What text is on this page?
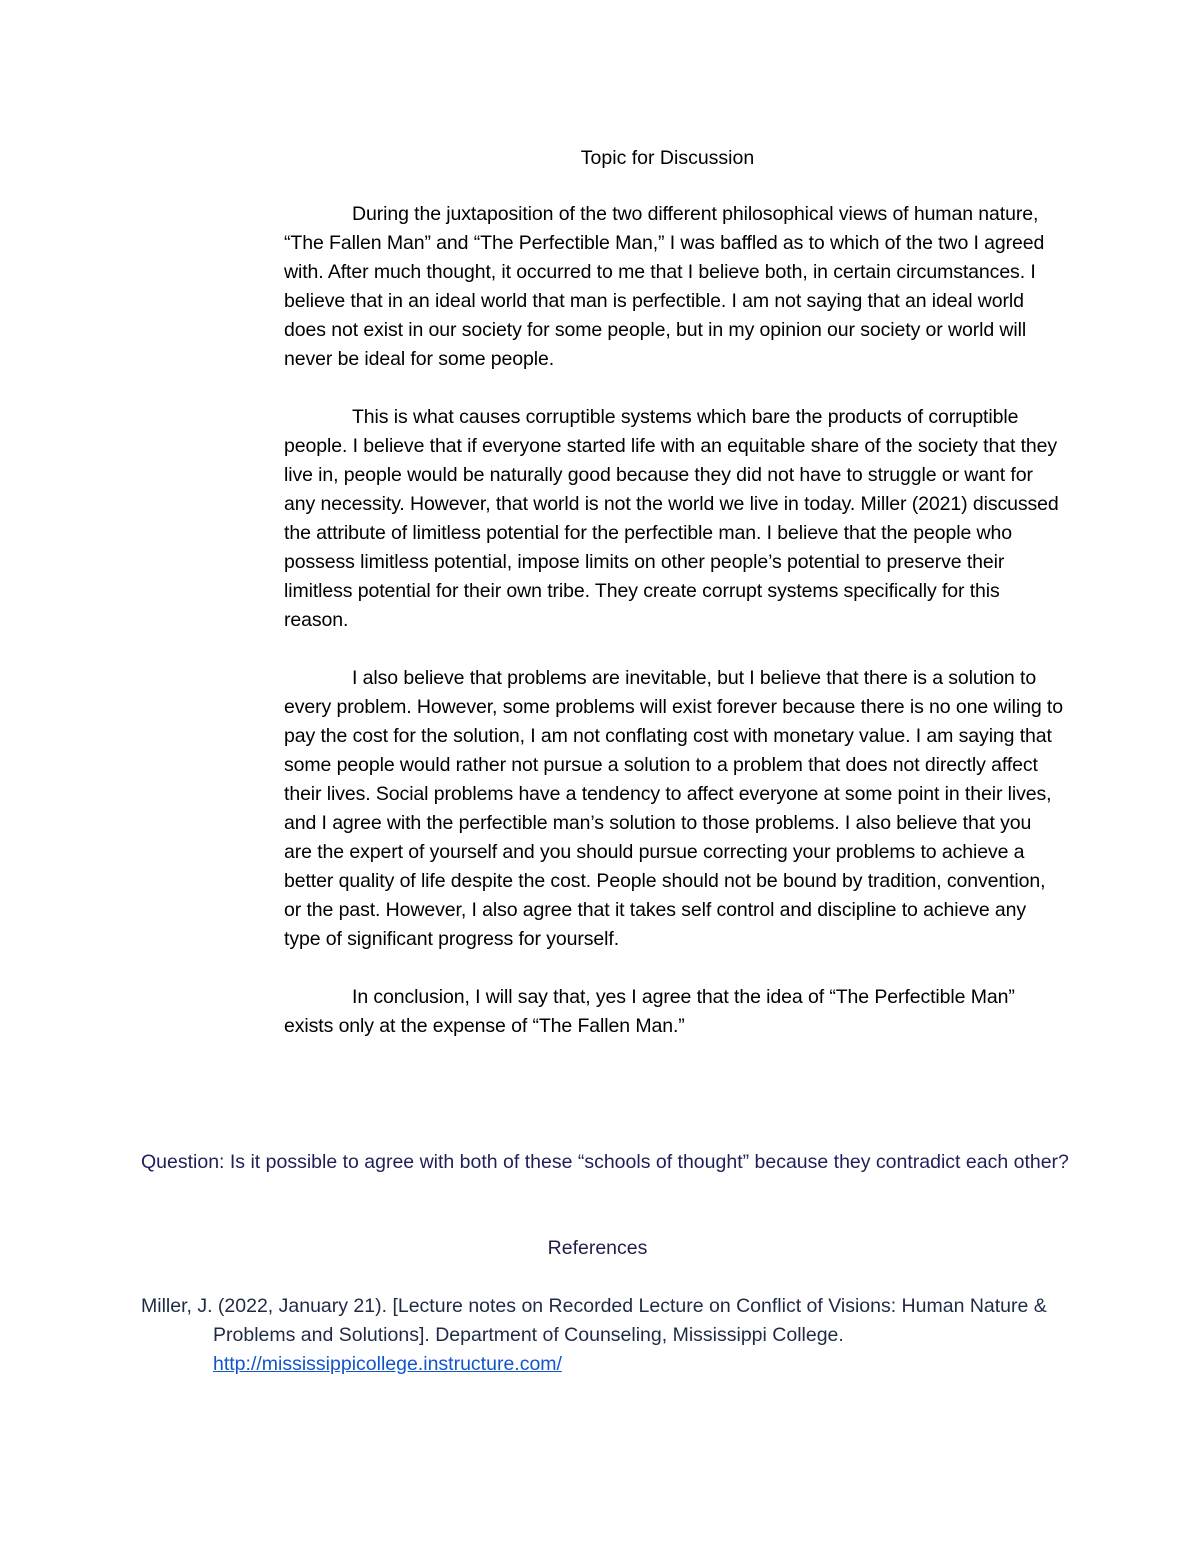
Topic for Discussion

During the juxtaposition of the two different philosophical views of human nature, “The Fallen Man” and “The Perfectible Man,” I was baffled as to which of the two I agreed with. After much thought, it occurred to me that I believe both, in certain circumstances. I believe that in an ideal world that man is perfectible. I am not saying that an ideal world does not exist in our society for some people, but in my opinion our society or world will never be ideal for some people.

This is what causes corruptible systems which bare the products of corruptible people. I believe that if everyone started life with an equitable share of the society that they live in, people would be naturally good because they did not have to struggle or want for any necessity. However, that world is not the world we live in today. Miller (2021) discussed the attribute of limitless potential for the perfectible man. I believe that the people who possess limitless potential, impose limits on other people’s potential to preserve their limitless potential for their own tribe. They create corrupt systems specifically for this reason.

I also believe that problems are inevitable, but I believe that there is a solution to every problem. However, some problems will exist forever because there is no one wiling to pay the cost for the solution, I am not conflating cost with monetary value. I am saying that some people would rather not pursue a solution to a problem that does not directly affect their lives. Social problems have a tendency to affect everyone at some point in their lives, and I agree with the perfectible man’s solution to those problems. I also believe that you are the expert of yourself and you should pursue correcting your problems to achieve a better quality of life despite the cost. People should not be bound by tradition, convention, or the past. However, I also agree that it takes self control and discipline to achieve any type of significant progress for yourself.

In conclusion, I will say that, yes I agree that the idea of “The Perfectible Man” exists only at the expense of “The Fallen Man.”

Question: Is it possible to agree with both of these “schools of thought” because they contradict each other?
References
Miller, J. (2022, January 21). [Lecture notes on Recorded Lecture on Conflict of Visions: Human Nature & Problems and Solutions]. Department of Counseling, Mississippi College. http://mississippicollege.instructure.com/
